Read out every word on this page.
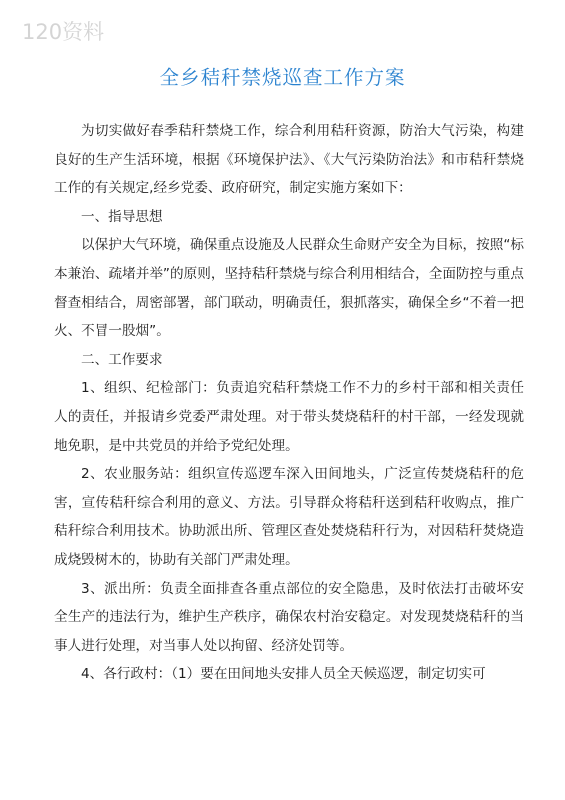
120资料
全乡秸秆禁烧巡查工作方案

为切实做好春季秸秆禁烧工作，综合利用秸秆资源，防治大气污染，构建良好的生产生活环境，根据《环境保护法》、《大气污染防治法》和市秸秆禁烧工作的有关规定,经乡党委、政府研究，制定实施方案如下：

一、指导思想

以保护大气环境，确保重点设施及人民群众生命财产安全为目标，按照“标本兼治、疏堵并举”的原则，坚持秸秆禁烧与综合利用相结合，全面防控与重点督查相结合，周密部署，部门联动，明确责任，狠抓落实，确保全乡“不着一把火、不冒一股烟”。

二、工作要求

1、组织、纪检部门：负责追究秸秆禁烧工作不力的乡村干部和相关责任人的责任，并报请乡党委严肃处理。对于带头焚烧秸秆的村干部，一经发现就地免职，是中共党员的并给予党纪处理。

2、农业服务站：组织宣传巡逻车深入田间地头，广泛宣传焚烧秸秆的危害，宣传秸秆综合利用的意义、方法。引导群众将秸秆送到秸秆收购点，推广秸秆综合利用技术。协助派出所、管理区查处焚烧秸秆行为，对因秸秆焚烧造成烧毁树木的，协助有关部门严肃处理。

3、派出所：负责全面排查各重点部位的安全隐患，及时依法打击破坏安全生产的违法行为，维护生产秩序，确保农村治安稳定。对发现焚烧秸秆的当事人进行处理，对当事人处以拘留、经济处罚等。

4、各行政村：（1）要在田间地头安排人员全天候巡逻，制定切实可
